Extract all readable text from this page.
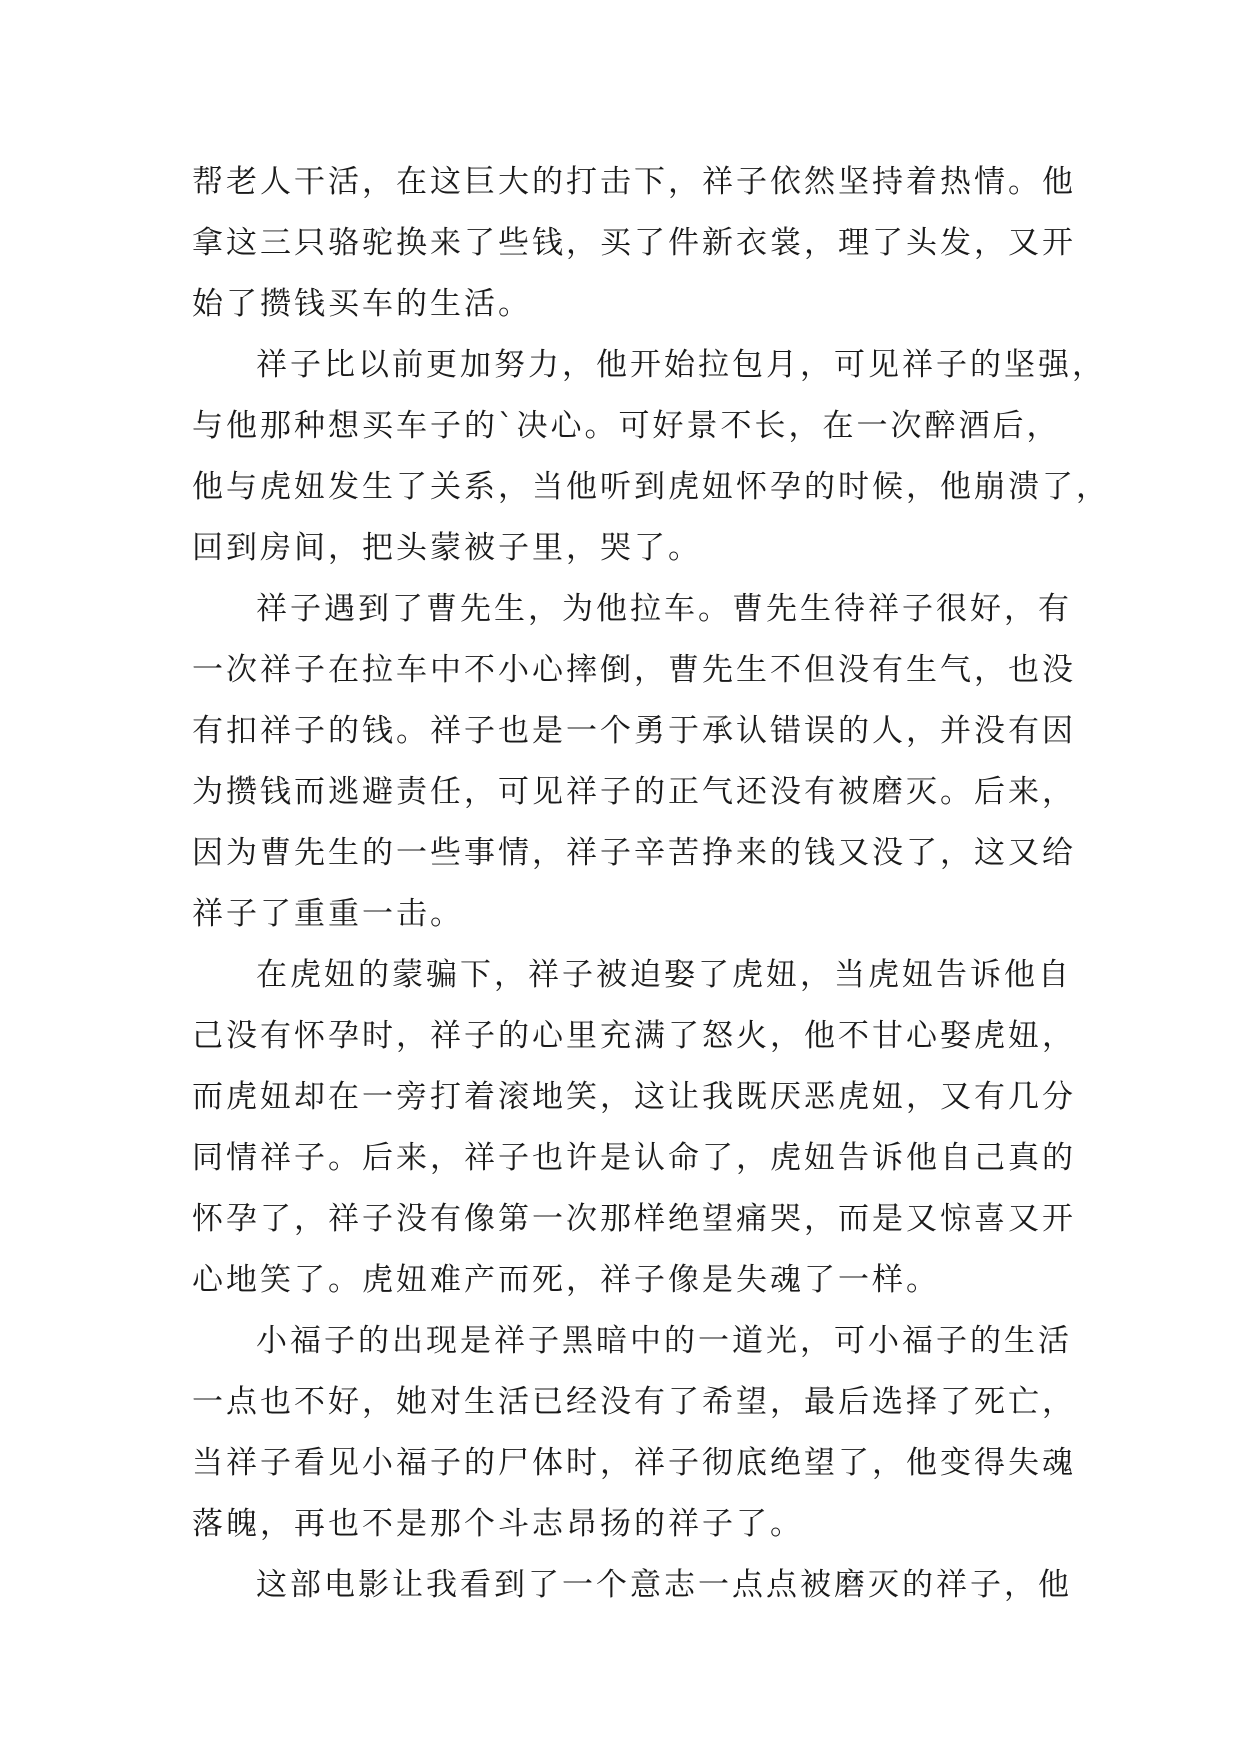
帮老人干活，在这巨大的打击下，祥子依然坚持着热情。他
拿这三只骆驼换来了些钱，买了件新衣裳，理了头发，又开
始了攒钱买车的生活。
祥子比以前更加努力，他开始拉包月，可见祥子的坚强，
与他那种想买车子的`决心。可好景不长，在一次醉酒后，
他与虎妞发生了关系，当他听到虎妞怀孕的时候，他崩溃了，
回到房间，把头蒙被子里，哭了。
祥子遇到了曹先生，为他拉车。曹先生待祥子很好，有
一次祥子在拉车中不小心摔倒，曹先生不但没有生气，也没
有扣祥子的钱。祥子也是一个勇于承认错误的人，并没有因
为攒钱而逃避责任，可见祥子的正气还没有被磨灭。后来，
因为曹先生的一些事情，祥子辛苦挣来的钱又没了，这又给
祥子了重重一击。
在虎妞的蒙骗下，祥子被迫娶了虎妞，当虎妞告诉他自
己没有怀孕时，祥子的心里充满了怒火，他不甘心娶虎妞，
而虎妞却在一旁打着滚地笑，这让我既厌恶虎妞，又有几分
同情祥子。后来，祥子也许是认命了，虎妞告诉他自己真的
怀孕了，祥子没有像第一次那样绝望痛哭，而是又惊喜又开
心地笑了。虎妞难产而死，祥子像是失魂了一样。
小福子的出现是祥子黑暗中的一道光，可小福子的生活
一点也不好，她对生活已经没有了希望，最后选择了死亡，
当祥子看见小福子的尸体时，祥子彻底绝望了，他变得失魂
落魄，再也不是那个斗志昂扬的祥子了。
这部电影让我看到了一个意志一点点被磨灭的祥子，他
